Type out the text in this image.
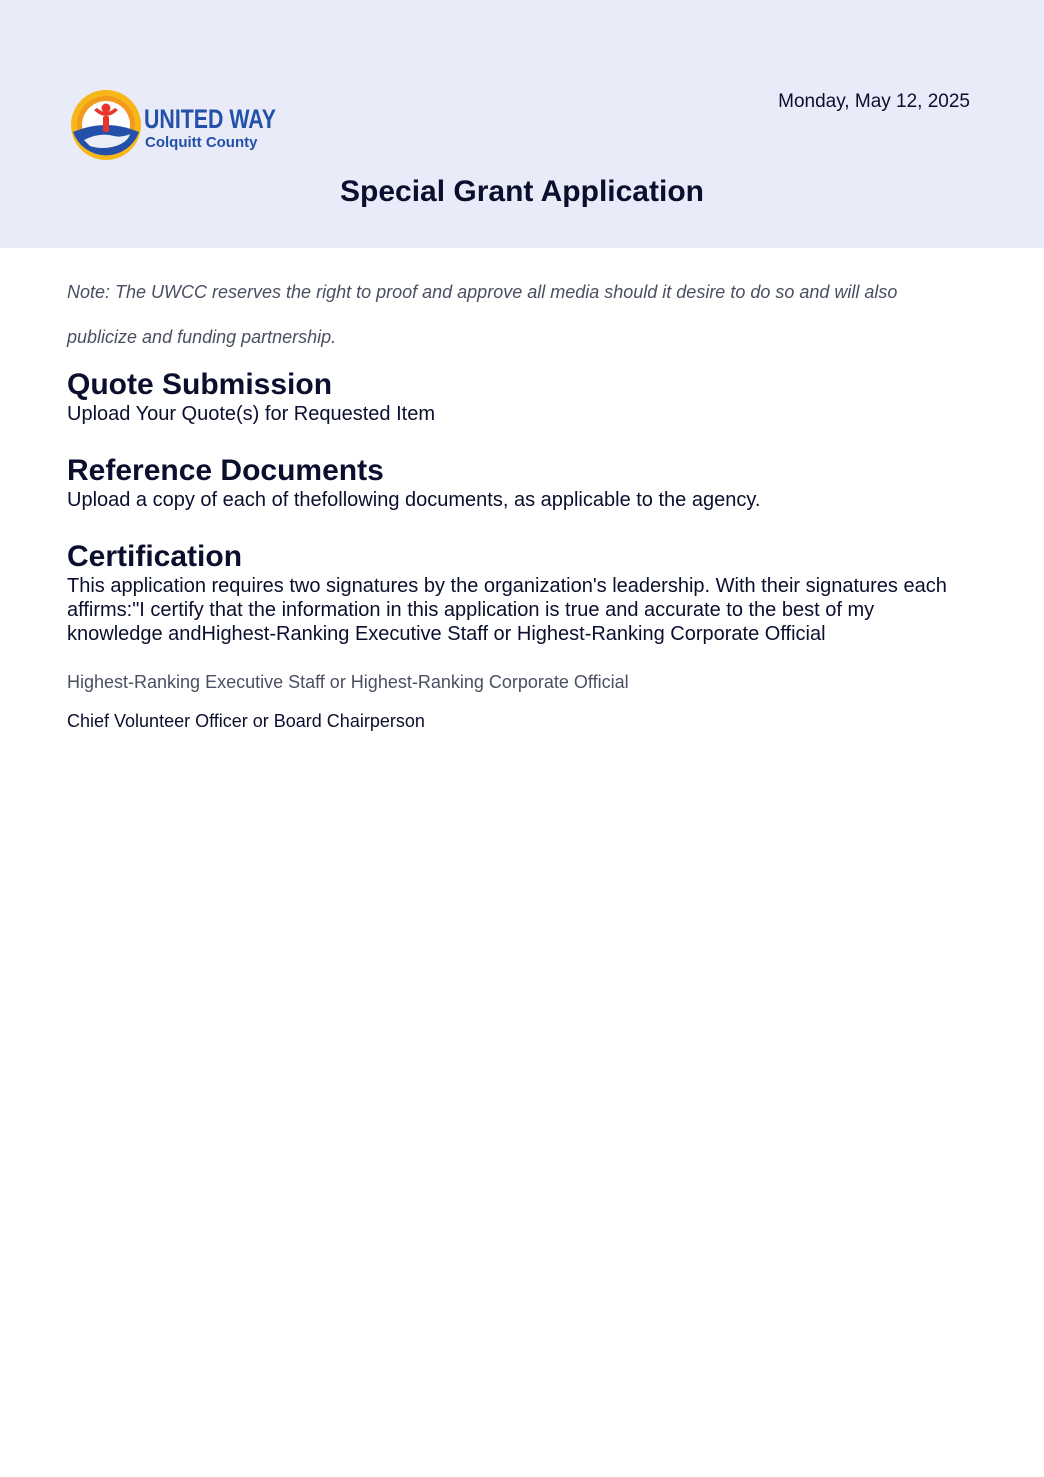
UNITED WAY
Colquitt County
Monday, May 12, 2025
Special Grant Application

Note: The UWCC reserves the right to proof and approve all media should it desire to do so and will also publicize and funding partnership.

Quote Submission

Upload Your Quote(s) for Requested Item

Reference Documents

Upload a copy of each of thefollowing documents, as applicable to the agency.

Certification

This application requires two signatures by the organization's leadership. With their signatures each affirms:"I certify that the information in this application is true and accurate to the best of my knowledge andHighest-Ranking Executive Staff or Highest-Ranking Corporate Official

Highest-Ranking Executive Staff or Highest-Ranking Corporate Official

Chief Volunteer Officer or Board Chairperson
